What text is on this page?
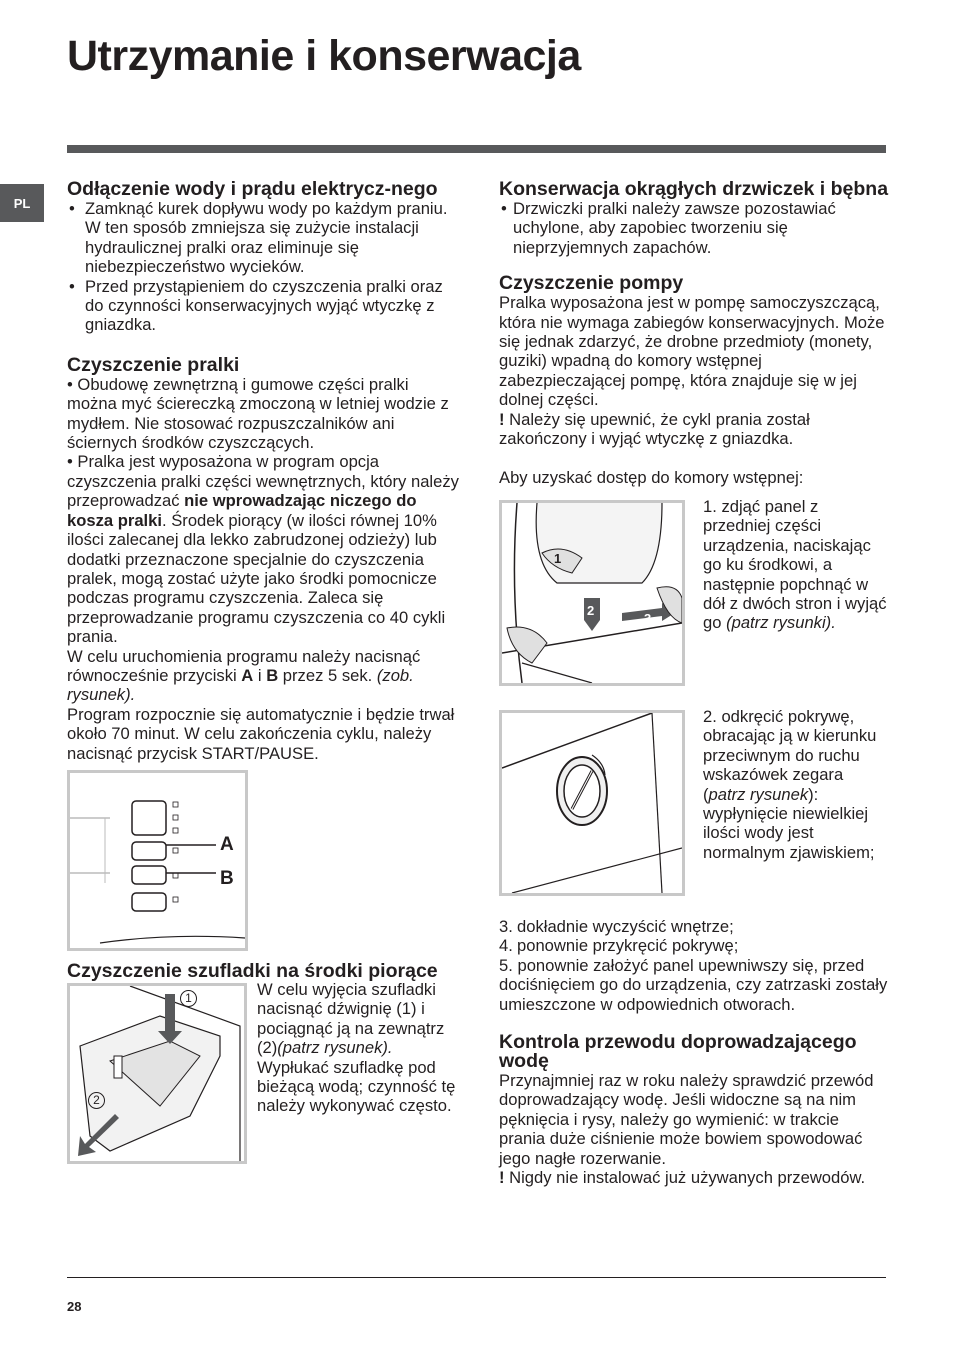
Utrzymanie i konserwacja
PL
Odłączenie wody i prądu elektrycz-nego
• Zamknąć kurek dopływu wody po każdym praniu. W ten sposób zmniejsza się zużycie instalacji hydraulicznej pralki oraz eliminuje się niebezpieczeństwo wycieków.
• Przed przystąpieniem do czyszczenia pralki oraz do czynności konserwacyjnych wyjąć wtyczkę z gniazdka.
Czyszczenie pralki

• Obudowę zewnętrzną i gumowe części pralki można myć ściereczką zmoczoną w letniej wodzie z mydłem. Nie stosować rozpuszczalników ani ściernych środków czyszczących.

• Pralka jest wyposażona w program opcja czyszczenia pralki części wewnętrznych, który należy przeprowadzać nie wprowadzając niczego do kosza pralki. Środek piorący (w ilości równej 10% ilości zalecanej dla lekko zabrudzonej odzieży) lub dodatki przeznaczone specjalnie do czyszczenia pralek, mogą zostać użyte jako środki pomocnicze podczas programu czyszczenia. Zaleca się przeprowadzanie programu czyszczenia co 40 cykli prania.

W celu uruchomienia programu należy nacisnąć równocześnie przyciski A i B przez 5 sek. (zob. rysunek).

Program rozpocznie się automatycznie i będzie trwał około 70 minut. W celu zakończenia cyklu, należy nacisnąć przycisk START/PAUSE.

A
B
Czyszczenie szufladki na środki piorące
1
2
W celu wyjęcia szufladki nacisnąć dźwignię (1) i pociągnąć ją na zewnątrz (2)(patrz rysunek).
Wypłukać szufladkę pod bieżącą wodą; czynność tę należy wykonywać często.
Konserwacja okrągłych drzwiczek i bębna
• Drzwiczki pralki należy zawsze pozostawiać uchylone, aby zapobiec tworzeniu się nieprzyjemnych zapachów.
Czyszczenie pompy

Pralka wyposażona jest w pompę samoczyszczącą, która nie wymaga zabiegów konserwacyjnych. Może się jednak zdarzyć, że drobne przedmioty (monety, guziki) wpadną do komory wstępnej zabezpieczającej pompę, która znajduje się w jej dolnej części.

! Należy się upewnić, że cykl prania został zakończony i wyjąć wtyczkę z gniazdka.

Aby uzyskać dostęp do komory wstępnej:

1
2
3
1. zdjąć panel z przedniej części urządzenia, naciskając go ku środkowi, a następnie popchnąć w dół z dwóch stron i wyjąć go (patrz rysunki).
2. odkręcić pokrywę, obracając ją w kierunku przeciwnym do ruchu wskazówek zegara (patrz rysunek): wypłynięcie niewielkiej ilości wody jest normalnym zjawiskiem;
3. dokładnie wyczyścić wnętrze;
4. ponownie przykręcić pokrywę;
5. ponownie założyć panel upewniwszy się, przed dociśnięciem go do urządzenia, czy zatrzaski zostały umieszczone w odpowiednich otworach.
Kontrola przewodu doprowadzającego wodę

Przynajmniej raz w roku należy sprawdzić przewód doprowadzający wodę. Jeśli widoczne są na nim pęknięcia i rysy, należy go wymienić: w trakcie prania duże ciśnienie może bowiem spowodować jego nagłe rozerwanie.

! Nigdy nie instalować już używanych przewodów.

28
